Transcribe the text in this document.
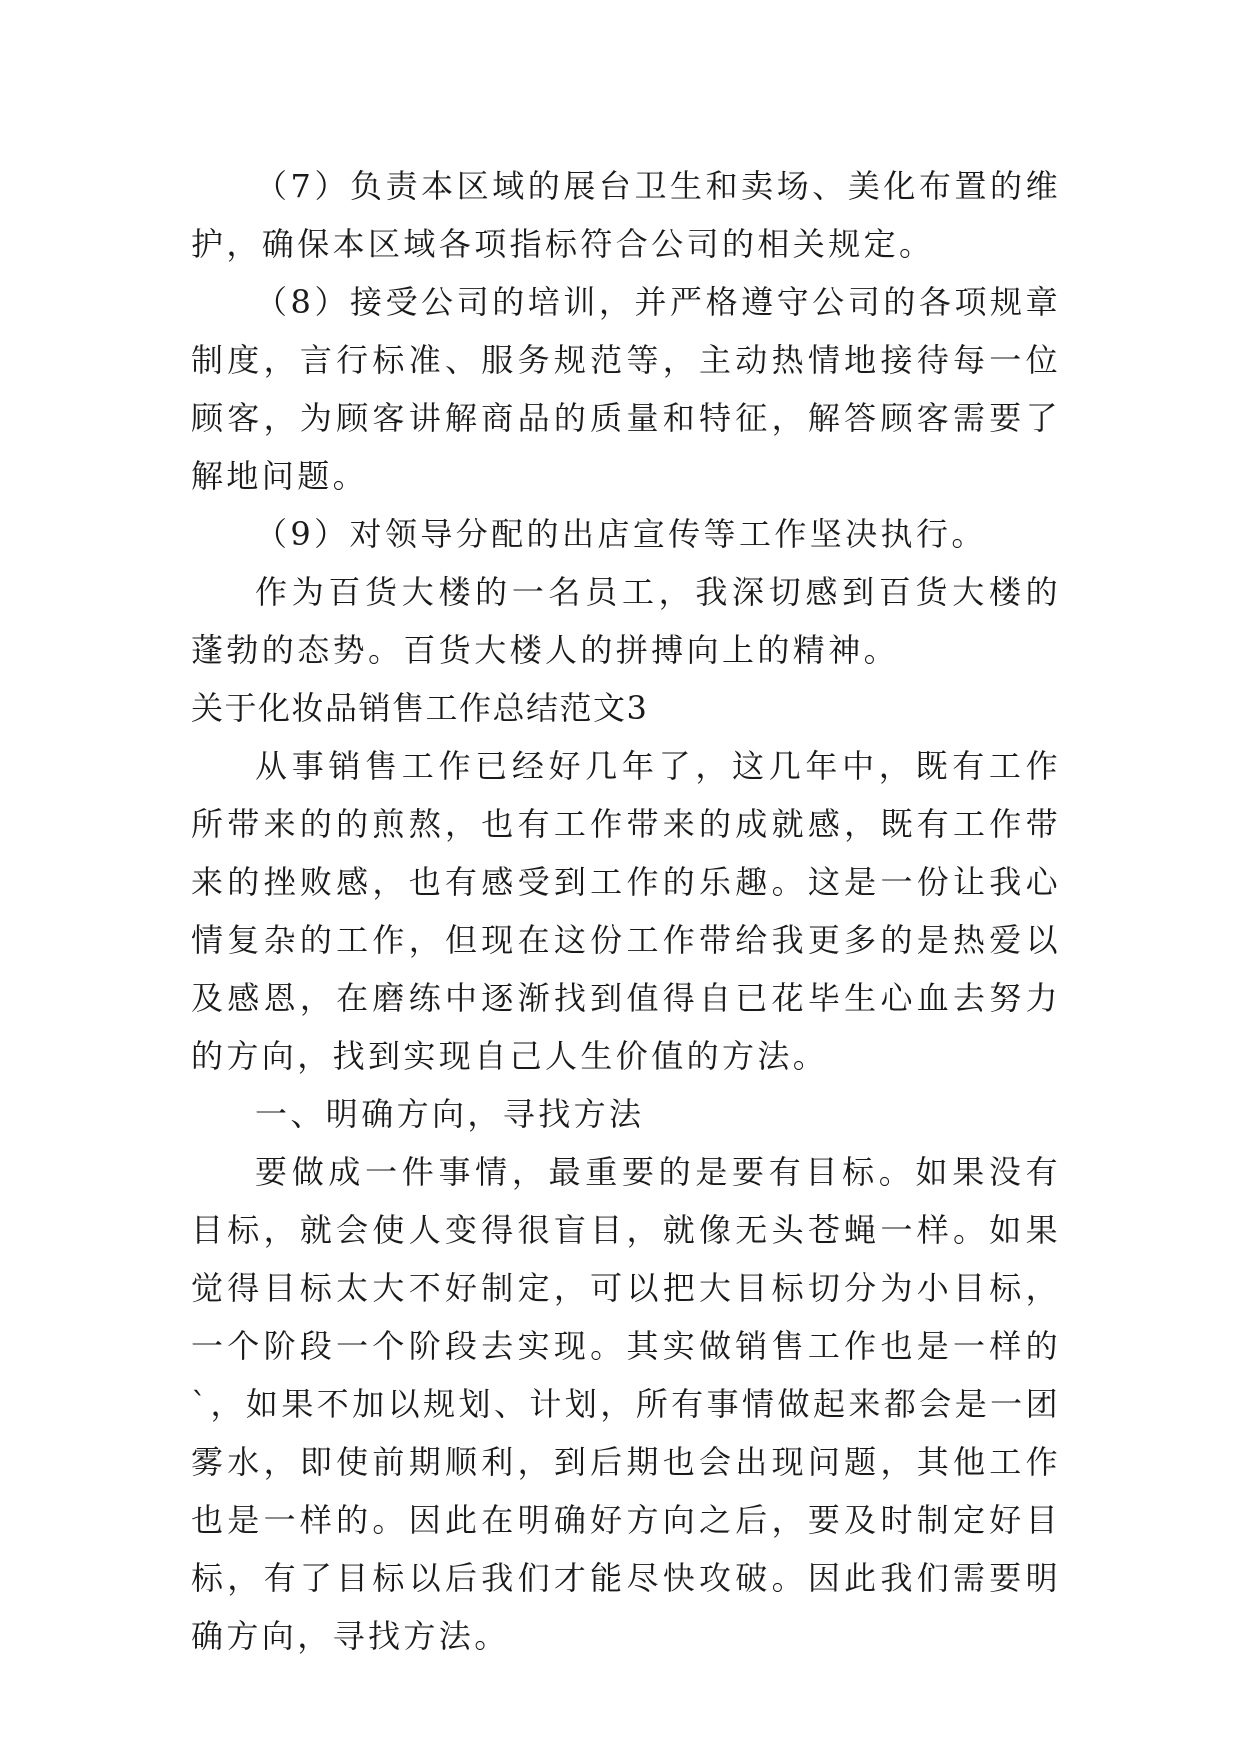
（7）负责本区域的展台卫生和卖场、美化布置的维护，确保本区域各项指标符合公司的相关规定。

（8）接受公司的培训，并严格遵守公司的各项规章制度，言行标准、服务规范等，主动热情地接待每一位顾客，为顾客讲解商品的质量和特征，解答顾客需要了解地问题。

（9）对领导分配的出店宣传等工作坚决执行。

作为百货大楼的一名员工，我深切感到百货大楼的蓬勃的态势。百货大楼人的拼搏向上的精神。

关于化妆品销售工作总结范文3

从事销售工作已经好几年了，这几年中，既有工作所带来的的煎熬，也有工作带来的成就感，既有工作带来的挫败感，也有感受到工作的乐趣。这是一份让我心情复杂的工作，但现在这份工作带给我更多的是热爱以及感恩，在磨练中逐渐找到值得自已花毕生心血去努力的方向，找到实现自己人生价值的方法。

一、明确方向，寻找方法

要做成一件事情，最重要的是要有目标。如果没有目标，就会使人变得很盲目，就像无头苍蝇一样。如果觉得目标太大不好制定，可以把大目标切分为小目标，一个阶段一个阶段去实现。其实做销售工作也是一样的`，如果不加以规划、计划，所有事情做起来都会是一团雾水，即使前期顺利，到后期也会出现问题，其他工作也是一样的。因此在明确好方向之后，要及时制定好目标，有了目标以后我们才能尽快攻破。因此我们需要明确方向，寻找方法。
